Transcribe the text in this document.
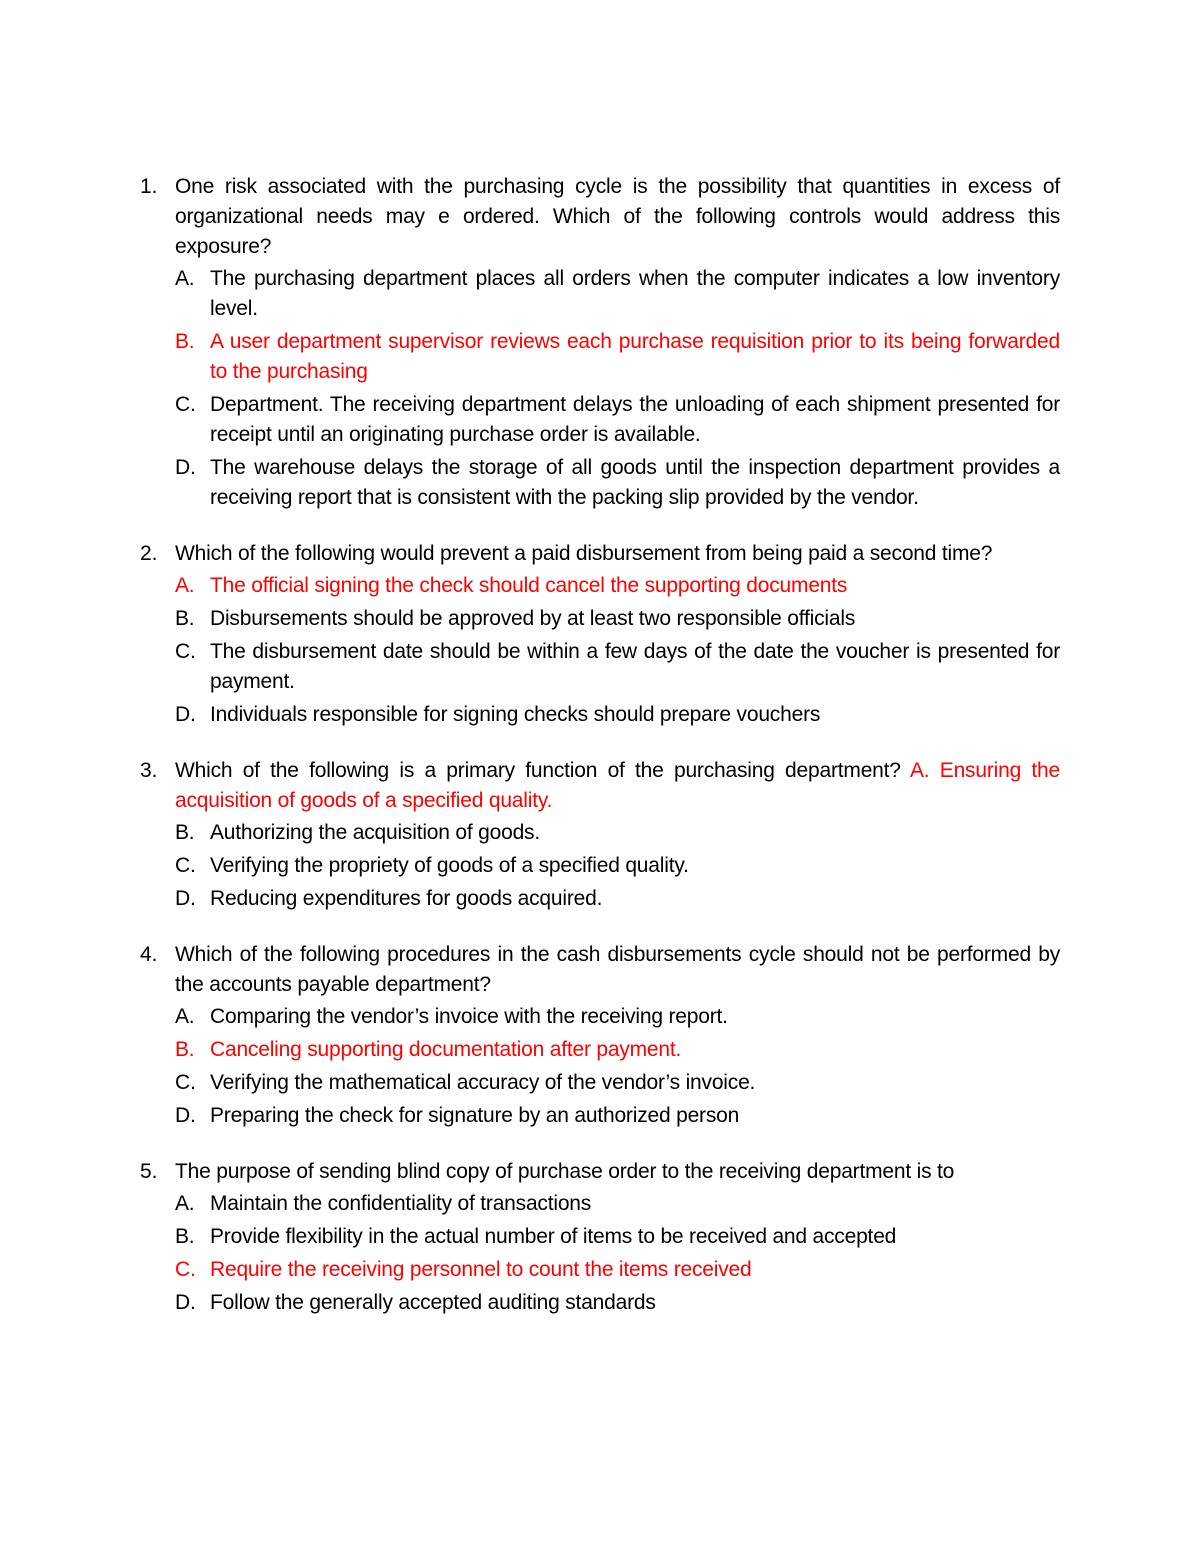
1. One risk associated with the purchasing cycle is the possibility that quantities in excess of organizational needs may e ordered. Which of the following controls would address this exposure?
A. The purchasing department places all orders when the computer indicates a low inventory level.
B. A user department supervisor reviews each purchase requisition prior to its being forwarded to the purchasing
C. Department. The receiving department delays the unloading of each shipment presented for receipt until an originating purchase order is available.
D. The warehouse delays the storage of all goods until the inspection department provides a receiving report that is consistent with the packing slip provided by the vendor.
2. Which of the following would prevent a paid disbursement from being paid a second time?
A. The official signing the check should cancel the supporting documents
B. Disbursements should be approved by at least two responsible officials
C. The disbursement date should be within a few days of the date the voucher is presented for payment.
D. Individuals responsible for signing checks should prepare vouchers
3. Which of the following is a primary function of the purchasing department? A. Ensuring the acquisition of goods of a specified quality.
B. Authorizing the acquisition of goods.
C. Verifying the propriety of goods of a specified quality.
D. Reducing expenditures for goods acquired.
4. Which of the following procedures in the cash disbursements cycle should not be performed by the accounts payable department?
A. Comparing the vendor’s invoice with the receiving report.
B. Canceling supporting documentation after payment.
C. Verifying the mathematical accuracy of the vendor’s invoice.
D. Preparing the check for signature by an authorized person
5. The purpose of sending blind copy of purchase order to the receiving department is to
A. Maintain the confidentiality of transactions
B. Provide flexibility in the actual number of items to be received and accepted
C. Require the receiving personnel to count the items received
D. Follow the generally accepted auditing standards
